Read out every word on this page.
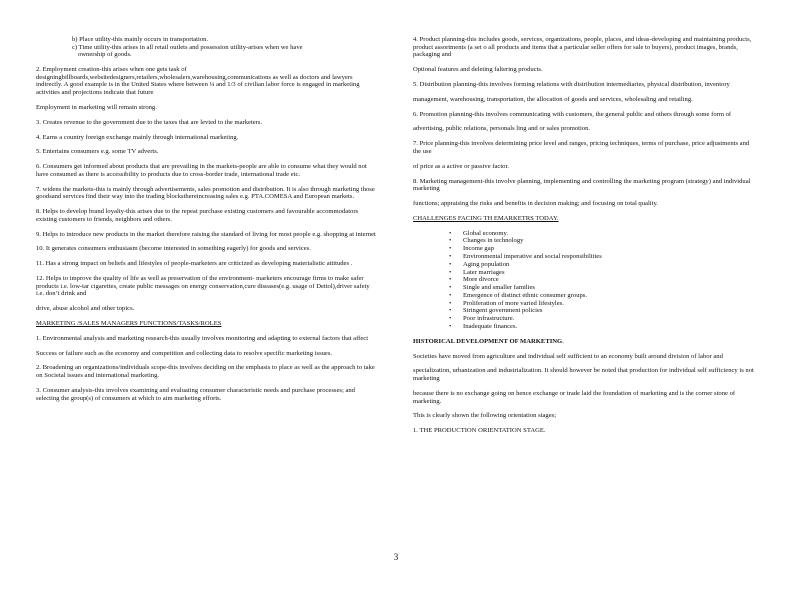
b) Place utility-this mainly occurs in transportation.
c) Time utility-this arises in all retail outlets and possession utility-arises when we have
ownership of goods.

2. Employment creation-this arises when one gets task of designingbillboards,websitedesigners,retailers,wholesalers,warehousing,communications as well as doctors and lawyers indirectly. A good example is in the United States where between ¼ and 1/3 of civilian labor force is engaged in marketing activities and projections indicate that future

Employment in marketing will remain strong.

3. Creates revenue to the government due to the taxes that are levied to the marketers.

4. Earns a country foreign exchange mainly through international marketing.

5. Entertains consumers e.g. some TV adverts.

6. Consumers get informed about products that are prevailing in the markets-people are able to consume what they would not have consumed as there is accessibility to products due to cross-border trade, international trade etc.

7. widens the markets-this is mainly through advertisements, sales promotion and distribution. It is also through marketing those goodsand services find their way into the trading blocksthereincreasing sales e.g. PTA.COMESA and European markets.

8. Helps to develop brand loyalty-this arises due to the repeat purchase existing customers and favourable accommodators existing customers to friends, neighbors and others.

9. Helps to introduce new products in the market therefore raising the standard of living for most people e.g. shopping at internet

10. It generates consumers enthusiasm (become interested in something eagerly) for goods and services.

11. Has a strong impact on beliefs and lifestyles of people-marketers are criticized as developing materialistic attitudes .

12. Helps to improve the quality of life as well as preservation of the environment- marketers encourage firms to make safer products i.e. low-tar cigarettes, create public messages on energy conservation,cure diseases(e.g. usage of Dettol),driver safety i.e. don’t drink and

drive, abuse alcohol and other topics.

MARKETING /SALES MANAGERS FUNCTIONS/TASKS/ROLES

1. Environmental analysis and marketing research-this usually involves monitoring and adapting to external factors that affect

Success or failure such as the economy and competition and collecting data to resolve specific marketing issues.

2. Broadening an organizations/individuals scope-this involves deciding on the emphasis to place as well as the approach to take on Societal issues and international marketing.

3. Consumer analysis-this involves examining and evaluating consumer characteristic needs and purchase processes; and selecting the group(s) of consumers at which to aim marketing efforts.

4. Product planning-this includes goods, services, organizations, people, places, and ideas-developing and maintaining products, product assortments (a set o all products and items that a particular seller offers for sale to buyers), product images, brands, packaging and

Optional features and deleting faltering products.

5. Distribution planning-this involves forming relations with distribution intermediaries, physical distribution, inventory

management, warehousing, transportation, the allocation of goods and services, wholesaling and retailing.

6. Promotion planning-this involves communicating with customers, the general public and others through some form of

advertising, public relations, personals ling and or sales promotion.

7. Price planning-this involves determining price level and ranges, pricing techniques, terms of purchase, price adjustments and the use

of price as a active or passive factor.

8. Marketing management-this involve planning, implementing and controlling the marketing program (strategy) and individual marketing

functions; appraising the risks and benefits in decision making; and focusing on total quality.

CHALLENGES FACING TH EMARKETRS TODAY.

• Global economy.
• Changes in technology
• Income gap
• Environmental imperative and social responsibilities
• Aging population
• Later marriages
• More divorce
• Single and smaller families
• Emergence of distinct ethnic consumer groups.
• Proliferation of more varied lifestyles.
• Stringent government policies
• Poor infrastructure.
• Inadequate finances.

HISTORICAL DEVELOPMENT OF MARKETING.

Societies have moved from agriculture and individual self sufficient to an economy built around division of labor and

specialization, urbanization and industrialization. It should however be noted that production for individual self sufficiency is not marketing

because there is no exchange going on hence exchange or trade laid the foundation of marketing and is the corner stone of marketing.

This is clearly shown the following orientation stages;

1. THE PRODUCTION ORIENTATION STAGE.

3
